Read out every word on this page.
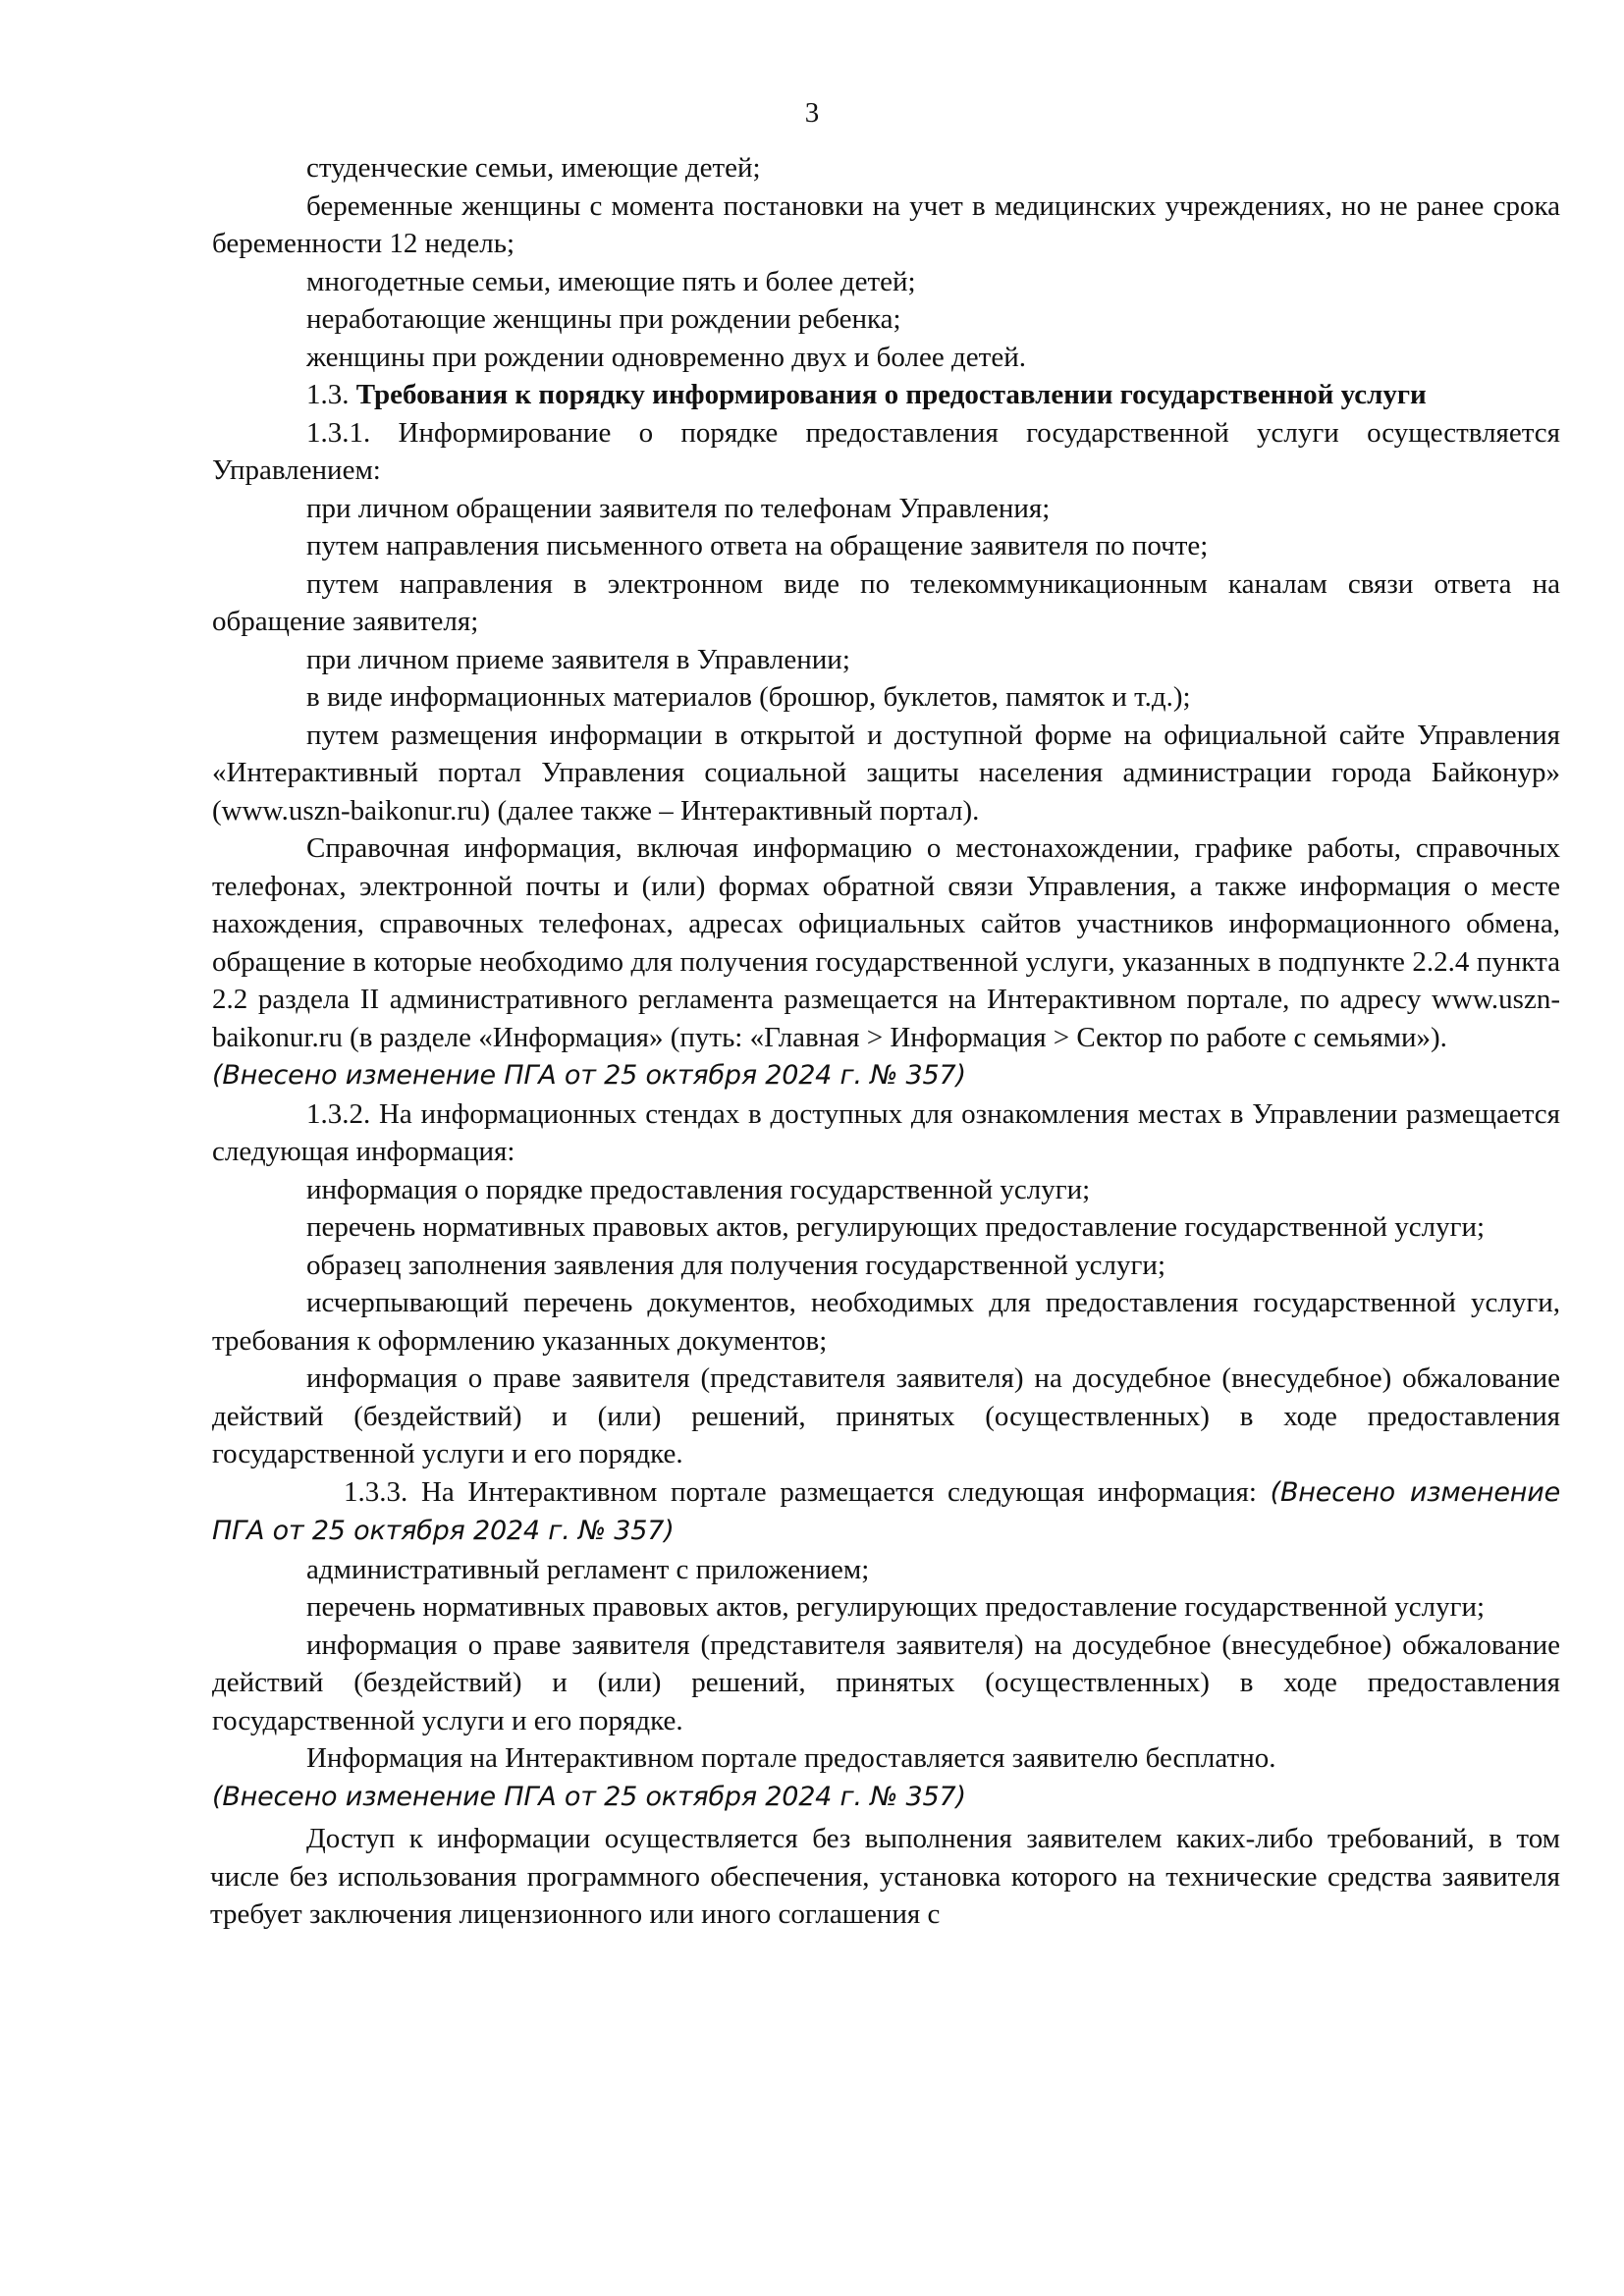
3

студенческие семьи, имеющие детей;

беременные женщины с момента постановки на учет в медицинских учреждениях, но не ранее срока беременности 12 недель;

многодетные семьи, имеющие пять и более детей;

неработающие женщины при рождении ребенка;

женщины при рождении одновременно двух и более детей.

1.3. Требования к порядку информирования о предоставлении государственной услуги

1.3.1. Информирование о порядке предоставления государственной услуги осуществляется Управлением:

при личном обращении заявителя по телефонам Управления;

путем направления письменного ответа на обращение заявителя по почте;

путем направления в электронном виде по телекоммуникационным каналам связи ответа на обращение заявителя;

при личном приеме заявителя в Управлении;

в виде информационных материалов (брошюр, буклетов, памяток и т.д.);

путем размещения информации в открытой и доступной форме на официальной сайте Управления «Интерактивный портал Управления социальной защиты населения администрации города Байконур» (www.uszn-baikonur.ru) (далее также – Интерактивный портал).

Справочная информация, включая информацию о местонахождении, графике работы, справочных телефонах, электронной почты и (или) формах обратной связи Управления, а также информация о месте нахождения, справочных телефонах, адресах официальных сайтов участников информационного обмена, обращение в которые необходимо для получения государственной услуги, указанных в подпункте 2.2.4 пункта 2.2 раздела II административного регламента размещается на Интерактивном портале, по адресу www.uszn-baikonur.ru (в разделе «Информация» (путь: «Главная > Информация > Сектор по работе с семьями»).

(Внесено изменение ПГА от 25 октября 2024 г. № 357)

1.3.2. На информационных стендах в доступных для ознакомления местах в Управлении размещается следующая информация:

информация о порядке предоставления государственной услуги;

перечень нормативных правовых актов, регулирующих предоставление государственной услуги;

образец заполнения заявления для получения государственной услуги;

исчерпывающий перечень документов, необходимых для предоставления государственной услуги, требования к оформлению указанных документов;

информация о праве заявителя (представителя заявителя) на досудебное (внесудебное) обжалование действий (бездействий) и (или) решений, принятых (осуществленных) в ходе предоставления государственной услуги и его порядке.

1.3.3. На Интерактивном портале размещается следующая информация: (Внесено изменение ПГА от 25 октября 2024 г. № 357)

административный регламент с приложением;

перечень нормативных правовых актов, регулирующих предоставление государственной услуги;

информация о праве заявителя (представителя заявителя) на досудебное (внесудебное) обжалование действий (бездействий) и (или) решений, принятых (осуществленных) в ходе предоставления государственной услуги и его порядке.

Информация на Интерактивном портале предоставляется заявителю бесплатно.

(Внесено изменение ПГА от 25 октября 2024 г. № 357)

Доступ к информации осуществляется без выполнения заявителем каких-либо требований, в том числе без использования программного обеспечения, установка которого на технические средства заявителя требует заключения лицензионного или иного соглашения с
